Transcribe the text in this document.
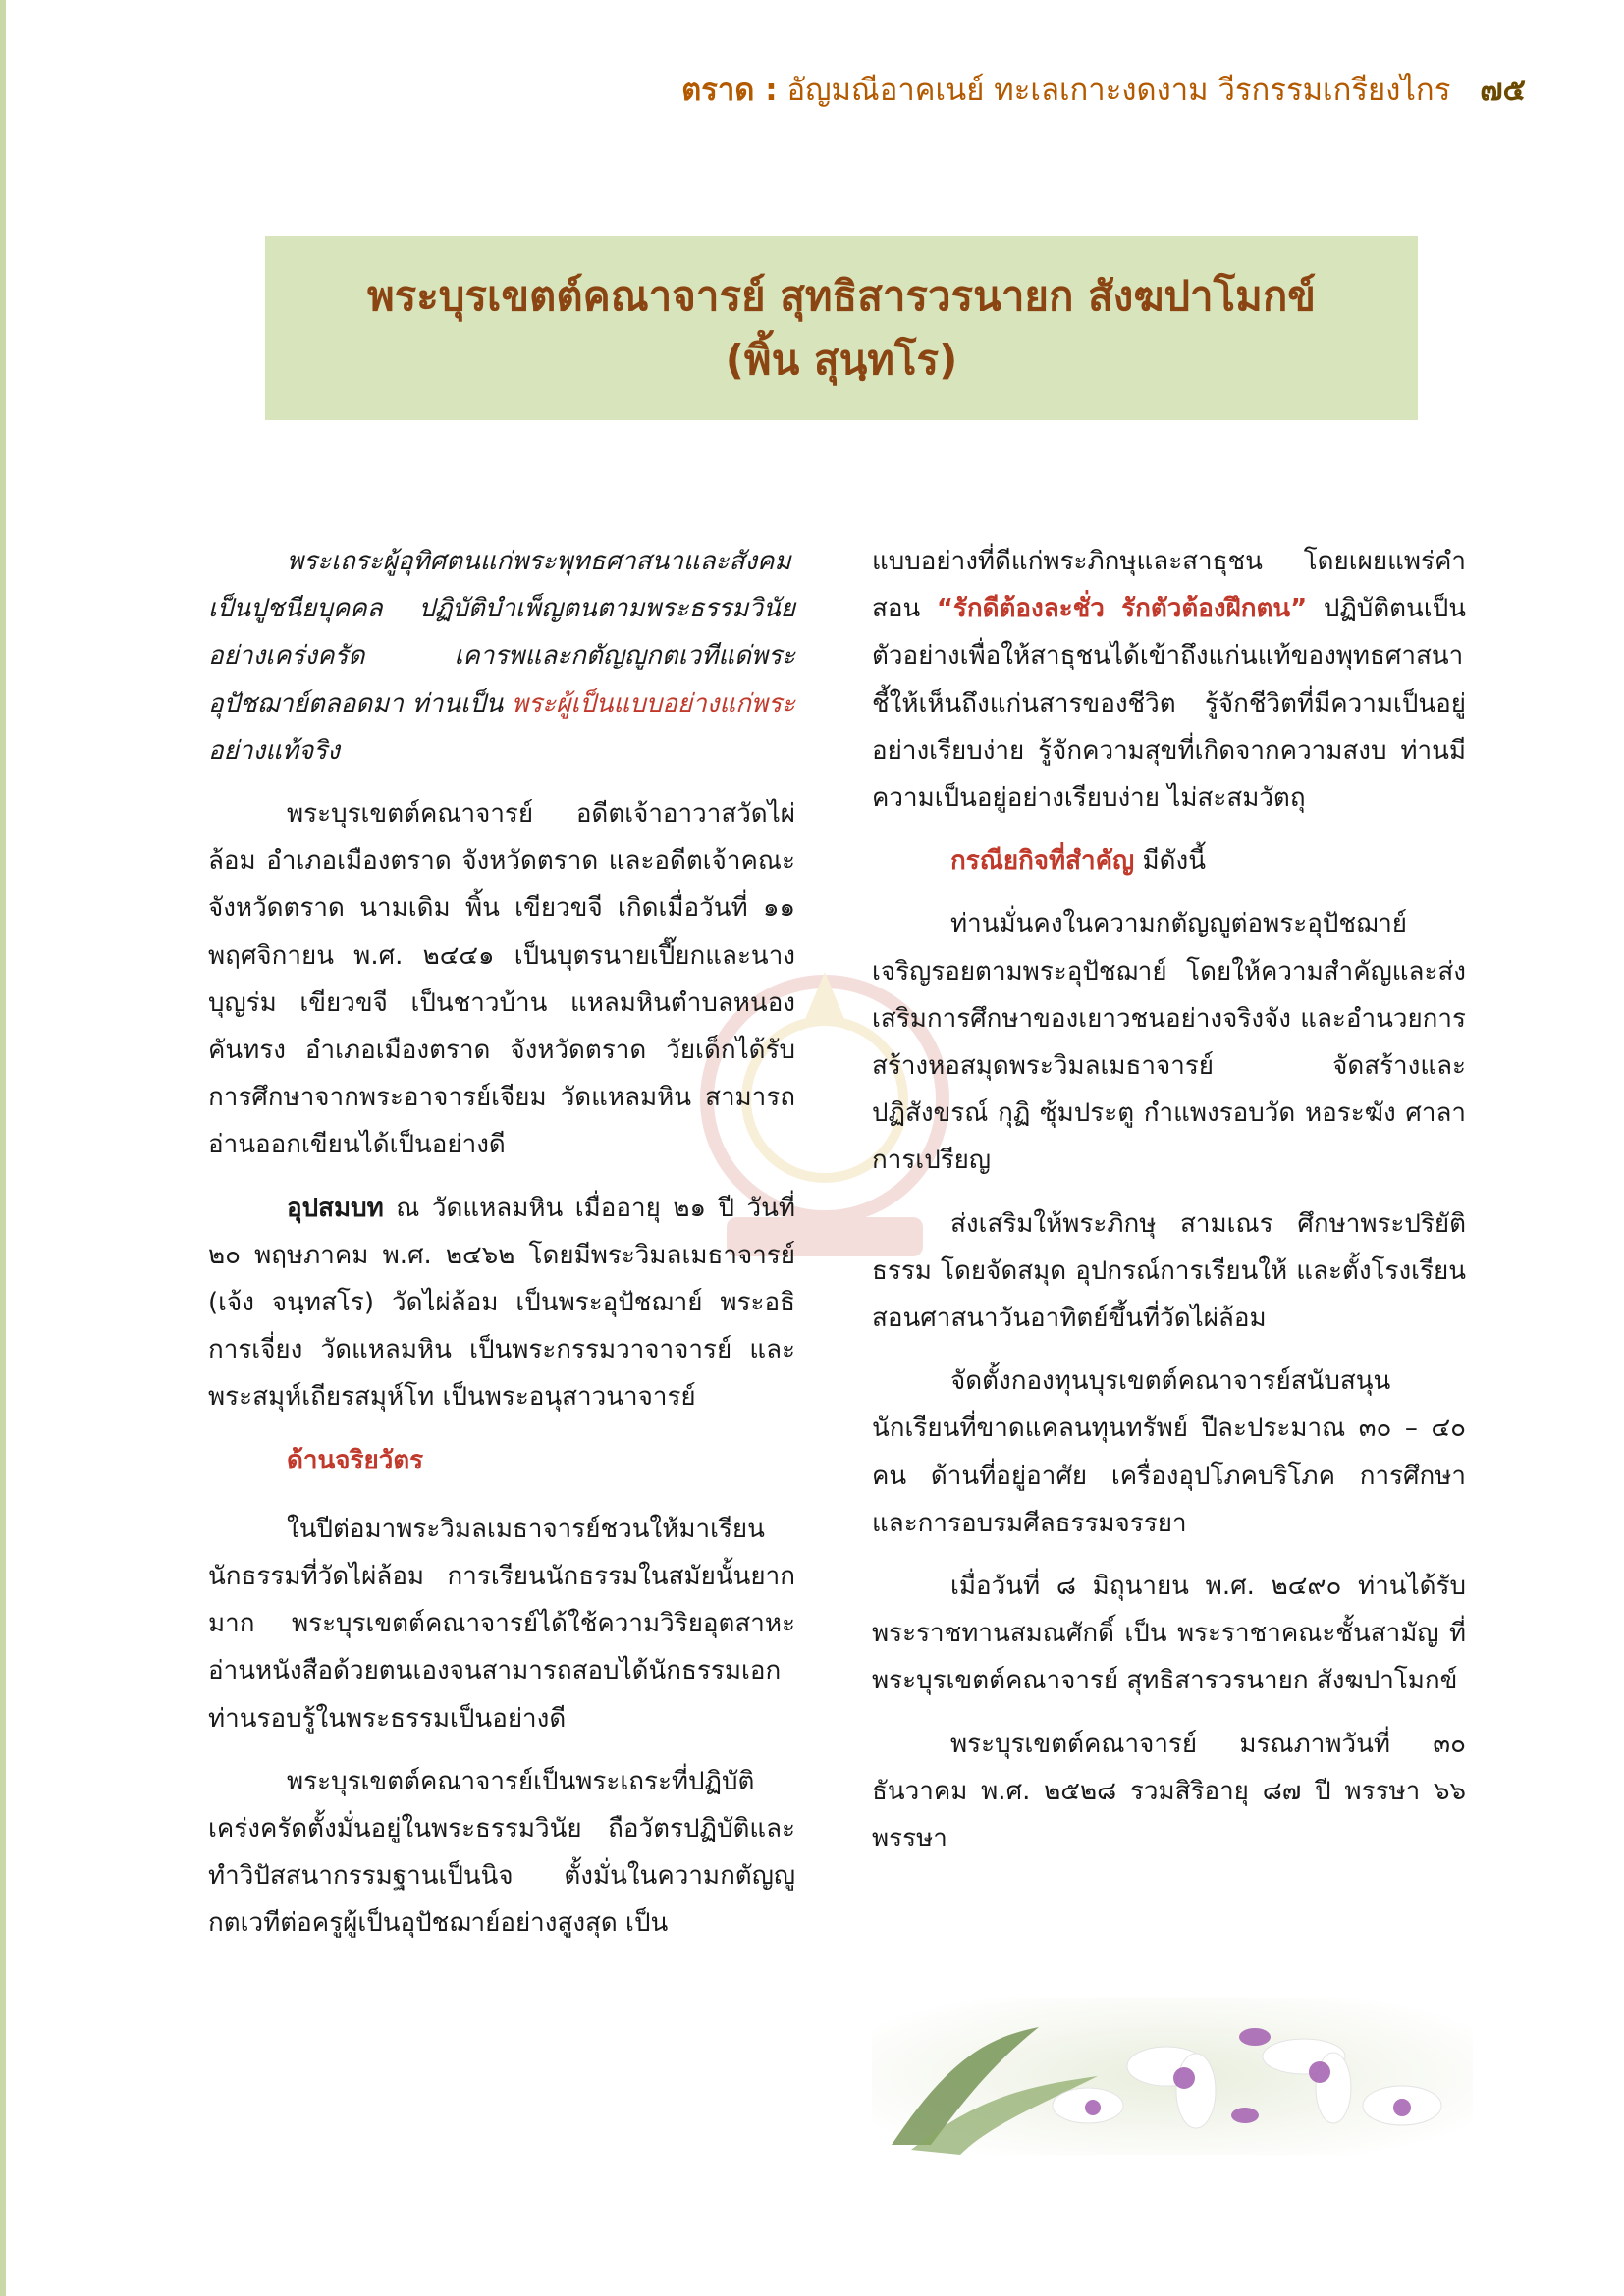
ตราด : อัญมณีอาคเนย์ ทะเลเกาะงดงาม วีรกรรมเกรียงไกร ๗๕
พระบุรเขตต์คณาจารย์ สุทธิสารวรนายก สังฆปาโมกข์
(พิ้น สุนฺทโร)

พระเถระผู้อุทิศตนแก่พระพุทธศาสนาและสังคม เป็นปูชนียบุคคล ปฏิบัติบำเพ็ญตนตามพระธรรมวินัยอย่างเคร่งครัด เคารพและกตัญญูกตเวทีแด่พระอุปัชฌาย์ตลอดมา ท่านเป็น พระผู้เป็นแบบอย่างแก่พระ อย่างแท้จริง

พระบุรเขตต์คณาจารย์ อดีตเจ้าอาวาสวัดไผ่ล้อม อำเภอเมืองตราด จังหวัดตราด และอดีตเจ้าคณะจังหวัดตราด นามเดิม พิ้น เขียวขจี เกิดเมื่อวันที่ ๑๑ พฤศจิกายน พ.ศ. ๒๔๔๑ เป็นบุตรนายเปี๊ยกและนางบุญร่ม เขียวขจี เป็นชาวบ้าน แหลมหินตำบลหนองคันทรง อำเภอเมืองตราด จังหวัดตราด วัยเด็กได้รับการศึกษาจากพระอาจารย์เจียม วัดแหลมหิน สามารถอ่านออกเขียนได้เป็นอย่างดี

อุปสมบท ณ วัดแหลมหิน เมื่ออายุ ๒๑ ปี วันที่ ๒๐ พฤษภาคม พ.ศ. ๒๔๖๒ โดยมีพระวิมลเมธาจารย์ (เจ้ง จนฺทสโร) วัดไผ่ล้อม เป็นพระอุปัชฌาย์ พระอธิการเจี่ยง วัดแหลมหิน เป็นพระกรรมวาจาจารย์ และพระสมุห์เถียรสมุห์โท เป็นพระอนุสาวนาจารย์

ด้านจริยวัตร

ในปีต่อมาพระวิมลเมธาจารย์ชวนให้มาเรียนนักธรรมที่วัดไผ่ล้อม การเรียนนักธรรมในสมัยนั้นยากมาก พระบุรเขตต์คณาจารย์ได้ใช้ความวิริยอุตสาหะอ่านหนังสือด้วยตนเองจนสามารถสอบได้นักธรรมเอก ท่านรอบรู้ในพระธรรมเป็นอย่างดี

พระบุรเขตต์คณาจารย์เป็นพระเถระที่ปฏิบัติเคร่งครัดตั้งมั่นอยู่ในพระธรรมวินัย ถือวัตรปฏิบัติและทำวิปัสสนากรรมฐานเป็นนิจ ตั้งมั่นในความกตัญญูกตเวทีต่อครูผู้เป็นอุปัชฌาย์อย่างสูงสุด เป็น

แบบอย่างที่ดีแก่พระภิกษุและสาธุชน โดยเผยแพร่คำสอน “รักดีต้องละชั่ว รักตัวต้องฝึกตน” ปฏิบัติตนเป็นตัวอย่างเพื่อให้สาธุชนได้เข้าถึงแก่นแท้ของพุทธศาสนา ชี้ให้เห็นถึงแก่นสารของชีวิต รู้จักชีวิตที่มีความเป็นอยู่อย่างเรียบง่าย รู้จักความสุขที่เกิดจากความสงบ ท่านมีความเป็นอยู่อย่างเรียบง่าย ไม่สะสมวัตถุ

กรณียกิจที่สำคัญ มีดังนี้

ท่านมั่นคงในความกตัญญูต่อพระอุปัชฌาย์เจริญรอยตามพระอุปัชฌาย์ โดยให้ความสำคัญและส่งเสริมการศึกษาของเยาวชนอย่างจริงจัง และอำนวยการสร้างหอสมุดพระวิมลเมธาจารย์ จัดสร้างและปฏิสังขรณ์ กุฏิ ซุ้มประตู กำแพงรอบวัด หอระฆัง ศาลาการเปรียญ

ส่งเสริมให้พระภิกษุ สามเณร ศึกษาพระปริยัติธรรม โดยจัดสมุด อุปกรณ์การเรียนให้ และตั้งโรงเรียนสอนศาสนาวันอาทิตย์ขึ้นที่วัดไผ่ล้อม

จัดตั้งกองทุนบุรเขตต์คณาจารย์สนับสนุนนักเรียนที่ขาดแคลนทุนทรัพย์ ปีละประมาณ ๓๐ – ๔๐ คน ด้านที่อยู่อาศัย เครื่องอุปโภคบริโภค การศึกษา และการอบรมศีลธรรมจรรยา

เมื่อวันที่ ๘ มิถุนายน พ.ศ. ๒๔๙๐ ท่านได้รับพระราชทานสมณศักดิ์ เป็น พระราชาคณะชั้นสามัญ ที่ พระบุรเขตต์คณาจารย์ สุทธิสารวรนายก สังฆปาโมกข์

พระบุรเขตต์คณาจารย์ มรณภาพวันที่ ๓๐ ธันวาคม พ.ศ. ๒๕๒๘ รวมสิริอายุ ๘๗ ปี พรรษา ๖๖ พรรษา
